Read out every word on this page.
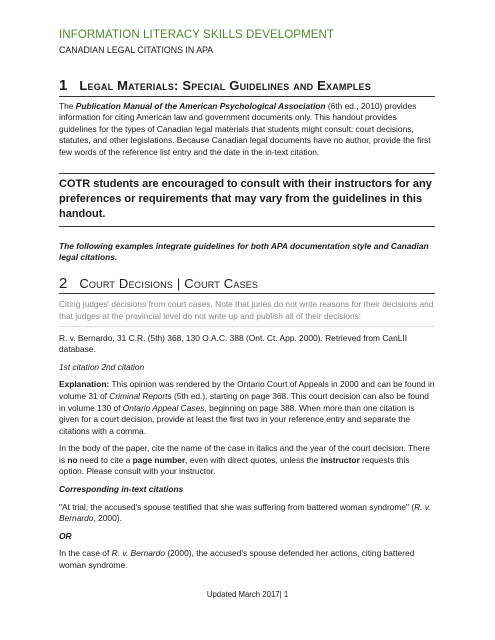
INFORMATION LITERACY SKILLS DEVELOPMENT
CANADIAN LEGAL CITATIONS IN APA
1 Legal Materials: Special Guidelines and Examples

The Publication Manual of the American Psychological Association (6th ed., 2010) provides information for citing American law and government documents only. This handout provides guidelines for the types of Canadian legal materials that students might consult: court decisions, statutes, and other legislations. Because Canadian legal documents have no author, provide the first few words of the reference list entry and the date in the in-text citation.

COTR students are encouraged to consult with their instructors for any preferences or requirements that may vary from the guidelines in this handout.

The following examples integrate guidelines for both APA documentation style and Canadian legal citations.

2 Court Decisions | Court Cases

Citing judges' decisions from court cases. Note that juries do not write reasons for their decisions and that judges at the provincial level do not write up and publish all of their decisions.

R. v. Bernardo, 31 C.R. (5th) 368, 130 O.A.C. 388 (Ont. Ct. App. 2000). Retrieved from CanLII database.

1st citation 2nd citation

Explanation: This opinion was rendered by the Ontario Court of Appeals in 2000 and can be found in volume 31 of Criminal Reports (5th ed.), starting on page 368. This court decision can also be found in volume 130 of Ontario Appeal Cases, beginning on page 388. When more than one citation is given for a court decision, provide at least the first two in your reference entry and separate the citations with a comma.

In the body of the paper, cite the name of the case in italics and the year of the court decision. There is no need to cite a page number, even with direct quotes, unless the instructor requests this option. Please consult with your instructor.

Corresponding in-text citations

"At trial, the accused's spouse testified that she was suffering from battered woman syndrome" (R. v. Bernardo, 2000).

OR

In the case of R. v. Bernardo (2000), the accused's spouse defended her actions, citing battered woman syndrome.

Updated March 2017| 1
